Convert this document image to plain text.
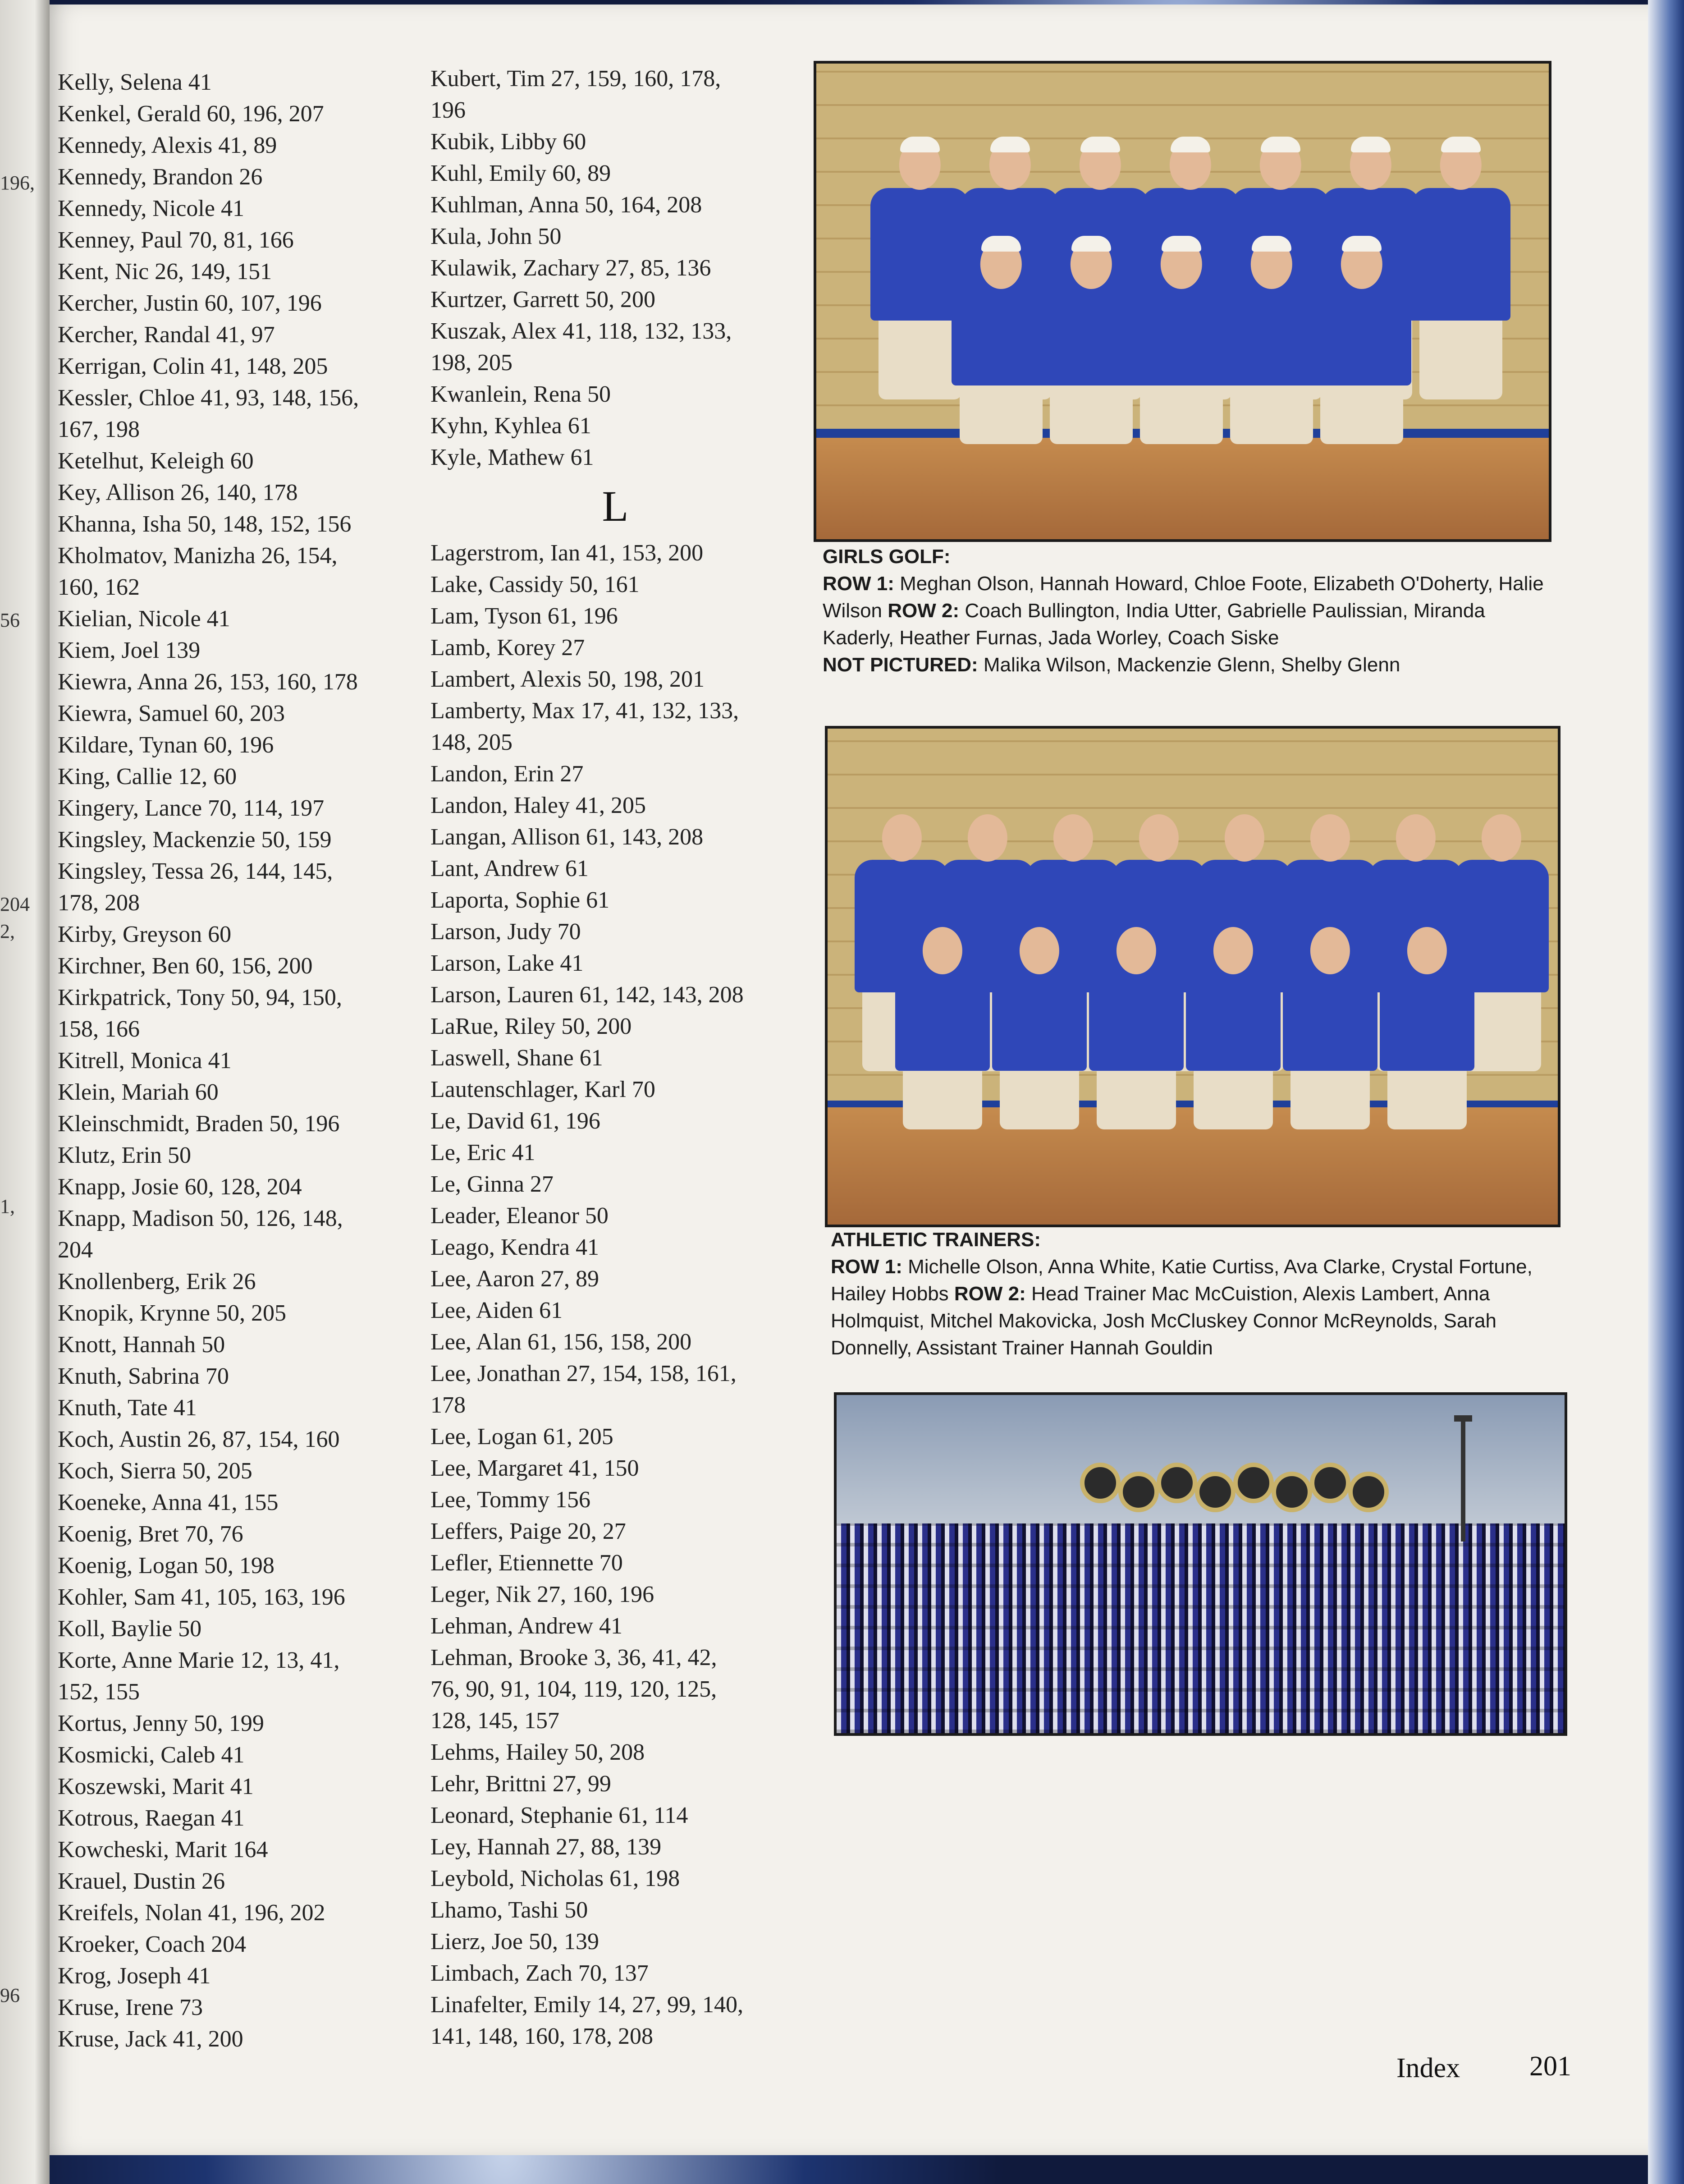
196,
56
204
2,
1,
96
Kelly, Selena 41
Kenkel, Gerald 60, 196, 207
Kennedy, Alexis 41, 89
Kennedy, Brandon 26
Kennedy, Nicole 41
Kenney, Paul 70, 81, 166
Kent, Nic 26, 149, 151
Kercher, Justin 60, 107, 196
Kercher, Randal 41, 97
Kerrigan, Colin 41, 148, 205
Kessler, Chloe 41, 93, 148, 156,
167, 198
Ketelhut, Keleigh 60
Key, Allison 26, 140, 178
Khanna, Isha 50, 148, 152, 156
Kholmatov, Manizha 26, 154,
160, 162
Kielian, Nicole 41
Kiem, Joel 139
Kiewra, Anna 26, 153, 160, 178
Kiewra, Samuel 60, 203
Kildare, Tynan 60, 196
King, Callie 12, 60
Kingery, Lance 70, 114, 197
Kingsley, Mackenzie 50, 159
Kingsley, Tessa 26, 144, 145,
178, 208
Kirby, Greyson 60
Kirchner, Ben 60, 156, 200
Kirkpatrick, Tony 50, 94, 150,
158, 166
Kitrell, Monica 41
Klein, Mariah 60
Kleinschmidt, Braden 50, 196
Klutz, Erin 50
Knapp, Josie 60, 128, 204
Knapp, Madison 50, 126, 148,
204
Knollenberg, Erik 26
Knopik, Krynne 50, 205
Knott, Hannah 50
Knuth, Sabrina 70
Knuth, Tate 41
Koch, Austin 26, 87, 154, 160
Koch, Sierra 50, 205
Koeneke, Anna 41, 155
Koenig, Bret 70, 76
Koenig, Logan 50, 198
Kohler, Sam 41, 105, 163, 196
Koll, Baylie 50
Korte, Anne Marie 12, 13, 41,
152, 155
Kortus, Jenny 50, 199
Kosmicki, Caleb 41
Koszewski, Marit 41
Kotrous, Raegan 41
Kowcheski, Marit 164
Krauel, Dustin 26
Kreifels, Nolan 41, 196, 202
Kroeker, Coach 204
Krog, Joseph 41
Kruse, Irene 73
Kruse, Jack 41, 200
Kubert, Tim 27, 159, 160, 178,
196
Kubik, Libby 60
Kuhl, Emily 60, 89
Kuhlman, Anna 50, 164, 208
Kula, John 50
Kulawik, Zachary 27, 85, 136
Kurtzer, Garrett 50, 200
Kuszak, Alex 41, 118, 132, 133,
198, 205
Kwanlein, Rena 50
Kyhn, Kyhlea 61
Kyle, Mathew 61
L
Lagerstrom, Ian 41, 153, 200
Lake, Cassidy 50, 161
Lam, Tyson 61, 196
Lamb, Korey 27
Lambert, Alexis 50, 198, 201
Lamberty, Max 17, 41, 132, 133,
148, 205
Landon, Erin 27
Landon, Haley 41, 205
Langan, Allison 61, 143, 208
Lant, Andrew 61
Laporta, Sophie 61
Larson, Judy 70
Larson, Lake 41
Larson, Lauren 61, 142, 143, 208
LaRue, Riley 50, 200
Laswell, Shane 61
Lautenschlager, Karl 70
Le, David 61, 196
Le, Eric 41
Le, Ginna 27
Leader, Eleanor 50
Leago, Kendra 41
Lee, Aaron 27, 89
Lee, Aiden 61
Lee, Alan 61, 156, 158, 200
Lee, Jonathan 27, 154, 158, 161,
178
Lee, Logan 61, 205
Lee, Margaret 41, 150
Lee, Tommy 156
Leffers, Paige 20, 27
Lefler, Etiennette 70
Leger, Nik 27, 160, 196
Lehman, Andrew 41
Lehman, Brooke 3, 36, 41, 42,
76, 90, 91, 104, 119, 120, 125,
128, 145, 157
Lehms, Hailey 50, 208
Lehr, Brittni 27, 99
Leonard, Stephanie 61, 114
Ley, Hannah 27, 88, 139
Leybold, Nicholas 61, 198
Lhamo, Tashi 50
Lierz, Joe 50, 139
Limbach, Zach 70, 137
Linafelter, Emily 14, 27, 99, 140,
141, 148, 160, 178, 208
GIRLS GOLF:
ROW 1: Meghan Olson, Hannah Howard, Chloe Foote, Elizabeth O'Doherty, Halie Wilson ROW 2: Coach Bullington, India Utter, Gabrielle Paulissian, Miranda Kaderly, Heather Furnas, Jada Worley, Coach Siske
NOT PICTURED: Malika Wilson, Mackenzie Glenn, Shelby Glenn
ATHLETIC TRAINERS:
ROW 1: Michelle Olson, Anna White, Katie Curtiss, Ava Clarke, Crystal Fortune, Hailey Hobbs ROW 2: Head Trainer Mac McCuistion, Alexis Lambert, Anna Holmquist, Mitchel Makovicka, Josh McCluskey Connor McReynolds, Sarah Donnelly, Assistant Trainer Hannah Gouldin
Index 201
